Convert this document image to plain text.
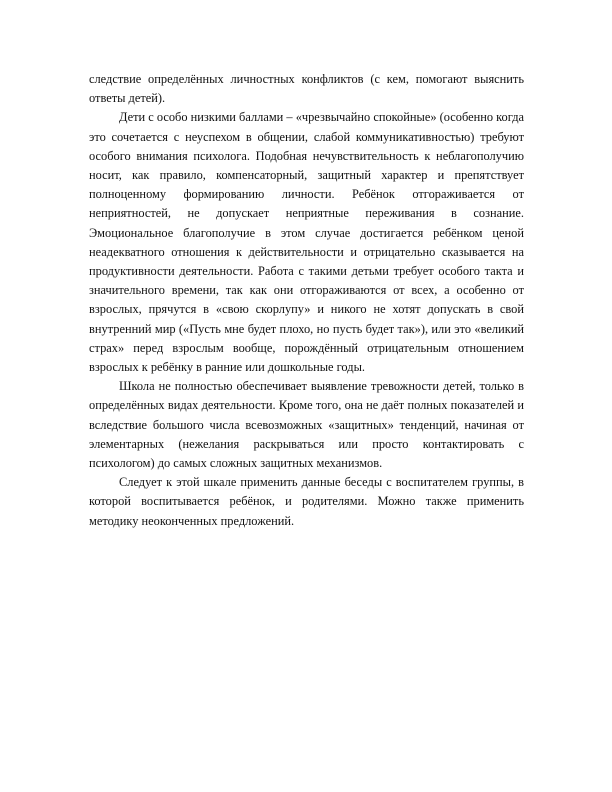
следствие определённых личностных конфликтов (с кем, помогают выяснить ответы детей).

Дети с особо низкими баллами – «чрезвычайно спокойные» (особенно когда это сочетается с неуспехом в общении, слабой коммуникативностью) требуют особого внимания психолога. Подобная нечувствительность к неблагополучию носит, как правило, компенсаторный, защитный характер и препятствует полноценному формированию личности. Ребёнок отгораживается от неприятностей, не допускает неприятные переживания в сознание. Эмоциональное благополучие в этом случае достигается ребёнком ценой неадекватного отношения к действительности и отрицательно сказывается на продуктивности деятельности. Работа с такими детьми требует особого такта и значительного времени, так как они отгораживаются от всех, а особенно от взрослых, прячутся в «свою скорлупу» и никого не хотят допускать в свой внутренний мир («Пусть мне будет плохо, но пусть будет так»), или это «великий страх» перед взрослым вообще, порождённый отрицательным отношением взрослых к ребёнку в ранние или дошкольные годы.

Школа не полностью обеспечивает выявление тревожности детей, только в определённых видах деятельности. Кроме того, она не даёт полных показателей и вследствие большого числа всевозможных «защитных» тенденций, начиная от элементарных (нежелания раскрываться или просто контактировать с психологом) до самых сложных защитных механизмов.

Следует к этой шкале применить данные беседы с воспитателем группы, в которой воспитывается ребёнок, и родителями. Можно также применить методику неоконченных предложений.
